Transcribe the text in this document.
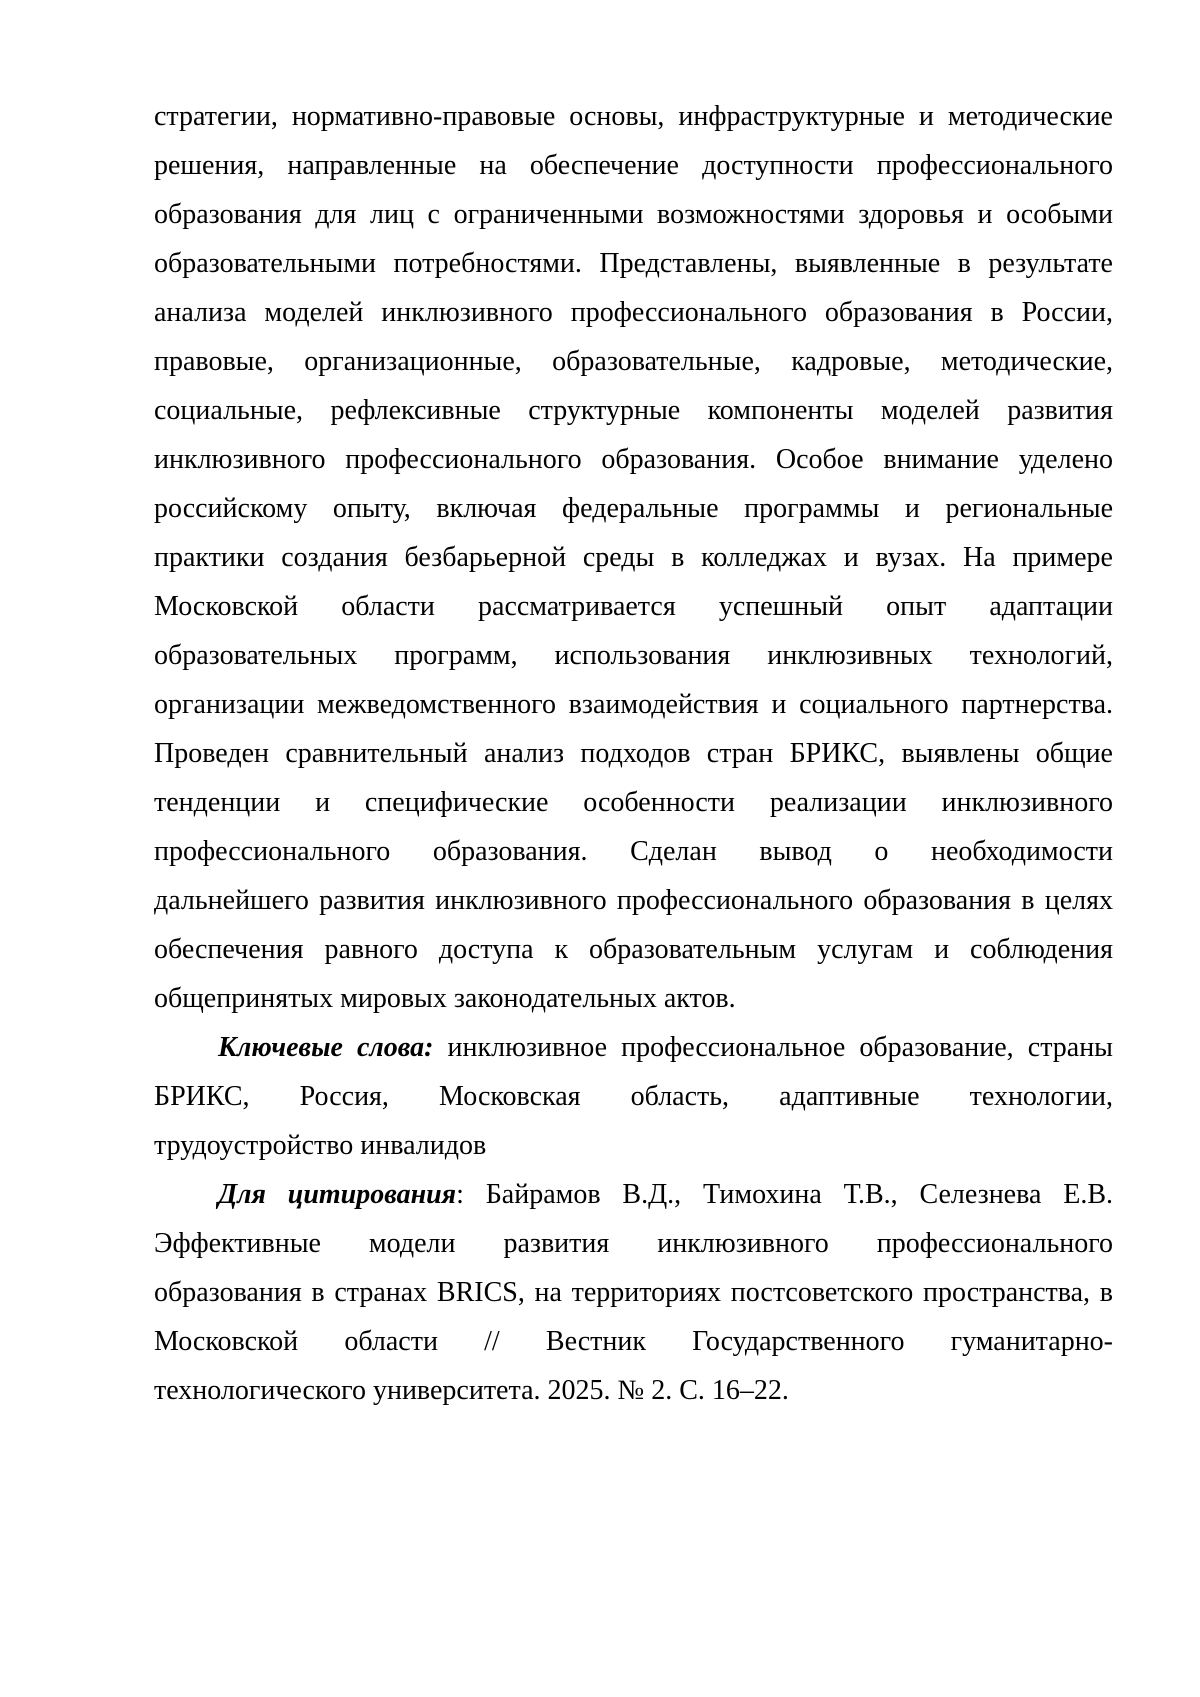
стратегии, нормативно-правовые основы, инфраструктурные и методические
решения, направленные на обеспечение доступности профессионального
образования для лиц с ограниченными возможностями здоровья и особыми
образовательными потребностями. Представлены, выявленные в результате
анализа моделей инклюзивного профессионального образования в России,
правовые, организационные, образовательные, кадровые, методические,
социальные, рефлексивные структурные компоненты моделей развития
инклюзивного профессионального образования. Особое внимание уделено
российскому опыту, включая федеральные программы и региональные
практики создания безбарьерной среды в колледжах и вузах. На примере
Московской области рассматривается успешный опыт адаптации
образовательных программ, использования инклюзивных технологий,
организации межведомственного взаимодействия и социального партнерства.
Проведен сравнительный анализ подходов стран БРИКС, выявлены общие
тенденции и специфические особенности реализации инклюзивного
профессионального образования. Сделан вывод о необходимости
дальнейшего развития инклюзивного профессионального образования в целях
обеспечения равного доступа к образовательным услугам и соблюдения
общепринятых мировых законодательных актов.
Ключевые слова: инклюзивное профессиональное образование, страны
БРИКС, Россия, Московская область, адаптивные технологии,
трудоустройство инвалидов
Для цитирования: Байрамов В.Д., Тимохина Т.В., Селезнева Е.В.
Эффективные модели развития инклюзивного профессионального
образования в странах BRICS, на территориях постсоветского пространства, в
Московской области // Вестник Государственного гуманитарно-
технологического университета. 2025. № 2. С. 16–22.
